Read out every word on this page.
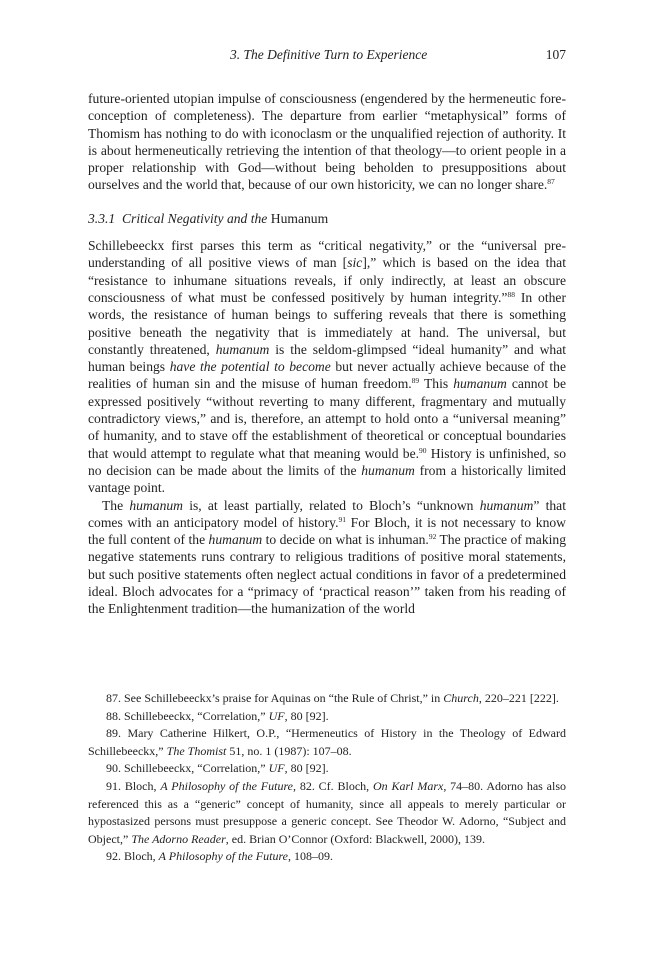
3. The Definitive Turn to Experience	107

future-oriented utopian impulse of consciousness (engendered by the hermeneutic fore-conception of completeness). The departure from earlier “metaphysical” forms of Thomism has nothing to do with iconoclasm or the unqualified rejection of authority. It is about hermeneutically retrieving the intention of that theology—to orient people in a proper relationship with God—without being beholden to presuppositions about ourselves and the world that, because of our own historicity, we can no longer share.$^{87}$

3.3.1 Critical Negativity and the Humanum

Schillebeeckx first parses this term as “critical negativity,” or the “universal pre-understanding of all positive views of man [sic],” which is based on the idea that “resistance to inhumane situations reveals, if only indirectly, at least an obscure consciousness of what must be confessed positively by human integrity.”$^{88}$ In other words, the resistance of human beings to suffering reveals that there is something positive beneath the negativity that is immediately at hand. The universal, but constantly threatened, humanum is the seldom-glimpsed “ideal humanity” and what human beings have the potential to become but never actually achieve because of the realities of human sin and the misuse of human freedom.$^{89}$ This humanum cannot be expressed positively “without reverting to many different, fragmentary and mutually contradictory views,” and is, therefore, an attempt to hold onto a “universal meaning” of humanity, and to stave off the establishment of theoretical or conceptual boundaries that would attempt to regulate what that meaning would be.$^{90}$ History is unfinished, so no decision can be made about the limits of the humanum from a historically limited vantage point.

The humanum is, at least partially, related to Bloch’s “unknown humanum” that comes with an anticipatory model of history.$^{91}$ For Bloch, it is not necessary to know the full content of the humanum to decide on what is inhuman.$^{92}$ The practice of making negative statements runs contrary to religious traditions of positive moral statements, but such positive statements often neglect actual conditions in favor of a predetermined ideal. Bloch advocates for a “primacy of ‘practical reason’” taken from his reading of the Enlightenment tradition—the humanization of the world

87. See Schillebeeckx’s praise for Aquinas on “the Rule of Christ,” in Church, 220–221 [222].

88. Schillebeeckx, “Correlation,” UF, 80 [92].

89. Mary Catherine Hilkert, O.P., “Hermeneutics of History in the Theology of Edward Schillebeeckx,” The Thomist 51, no. 1 (1987): 107–08.

90. Schillebeeckx, “Correlation,” UF, 80 [92].

91. Bloch, A Philosophy of the Future, 82. Cf. Bloch, On Karl Marx, 74–80. Adorno has also referenced this as a “generic” concept of humanity, since all appeals to merely particular or hypostasized persons must presuppose a generic concept. See Theodor W. Adorno, “Subject and Object,” The Adorno Reader, ed. Brian O’Connor (Oxford: Blackwell, 2000), 139.

92. Bloch, A Philosophy of the Future, 108–09.
